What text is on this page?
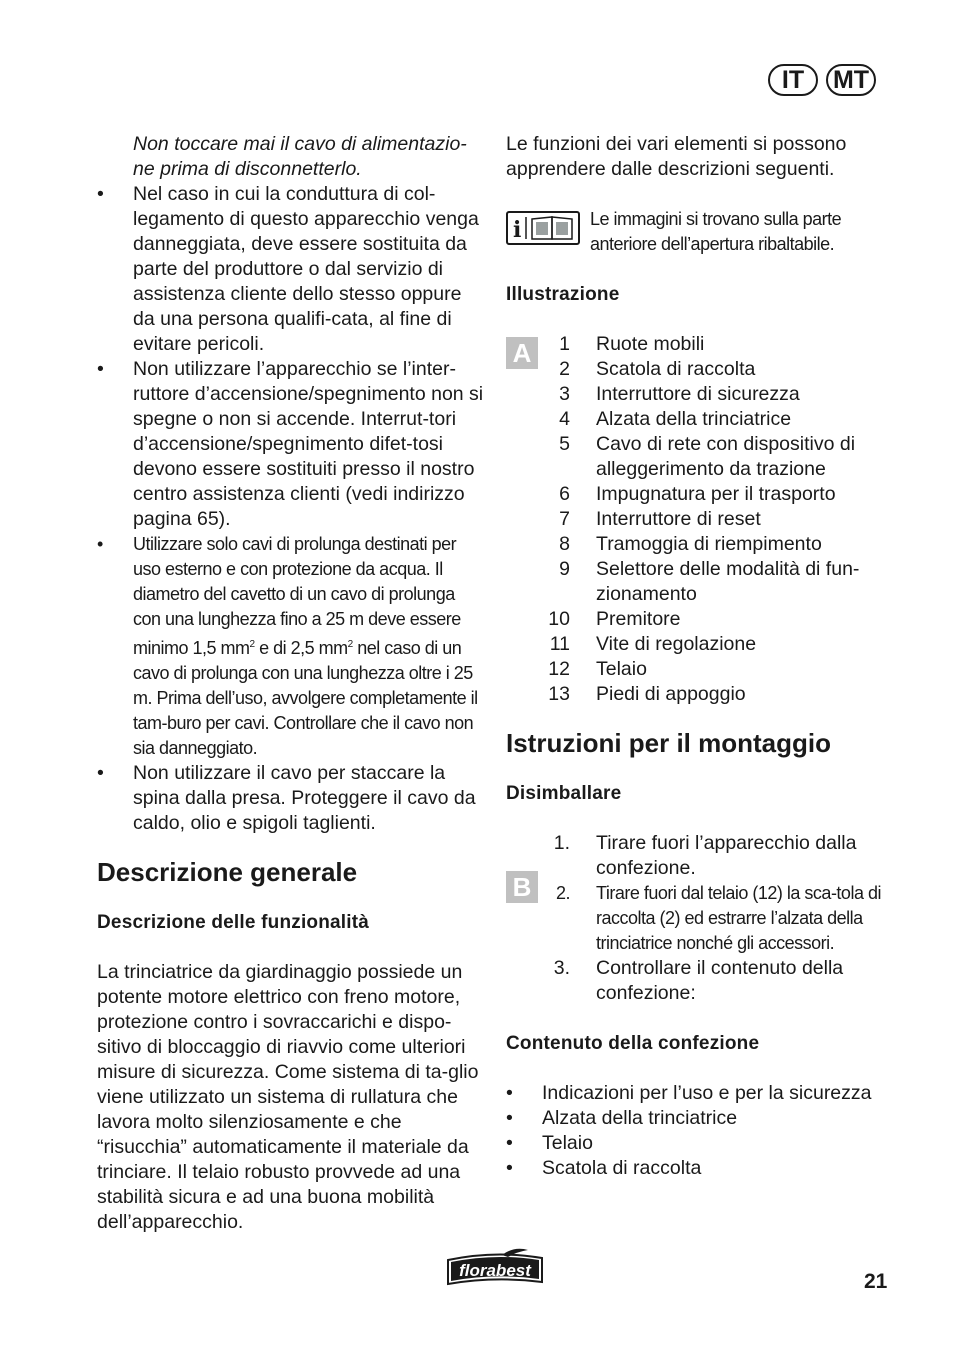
IT	MT

Non toccare mai il cavo di alimentazio-ne prima di disconnetterlo.

• Nel caso in cui la conduttura di col-legamento di questo apparecchio venga danneggiata, deve essere sostituita da parte del produttore o dal servizio di assistenza cliente dello stesso oppure da una persona qualifi-cata, al fine di evitare pericoli.
• Non utilizzare l’apparecchio se l’inter-ruttore d’accensione/spegnimento non si spegne o non si accende. Interrut-tori d’accensione/spegnimento difet-tosi devono essere sostituiti presso il nostro centro assistenza clienti (vedi indirizzo pagina 65).
• Utilizzare solo cavi di prolunga destinati per uso esterno e con protezione da acqua. Il diametro del cavetto di un cavo di prolunga con una lunghezza fino a 25 m deve essere minimo 1,5 $mm^2$ e di 2,5 $mm^2$ nel caso di un cavo di prolunga con una lunghezza oltre i 25 m. Prima dell’uso, avvolgere completamente il tam-buro per cavi. Controllare che il cavo non sia danneggiato.
• Non utilizzare il cavo per staccare la spina dalla presa. Proteggere il cavo da caldo, olio e spigoli taglienti.
Descrizione generale
Descrizione delle funzionalità

La trinciatrice da giardinaggio possiede un potente motore elettrico con freno motore, protezione contro i sovraccarichi e dispo-sitivo di bloccaggio di riavvio come ulteriori misure di sicurezza. Come sistema di ta-glio viene utilizzato un sistema di rullatura che lavora molto silenziosamente e che “risucchia” automaticamente il materiale da trinciare. Il telaio robusto provvede ad una stabilità sicura e ad una buona mobilità dell’apparecchio.

Le funzioni dei vari elementi si possono apprendere dalle descrizioni seguenti.

i	Le immagini si trovano sulla parte anteriore dell’apertura ribaltabile.

Illustrazione
A	1 Ruote mobili
2 Scatola di raccolta
3 Interruttore di sicurezza
4 Alzata della trinciatrice
5 Cavo di rete con dispositivo di alleggerimento da trazione
6 Impugnatura per il trasporto
7 Interruttore di reset
8 Tramoggia di riempimento
9 Selettore delle modalità di fun-zionamento
10 Premitore
11 Vite di regolazione
12 Telaio
13 Piedi di appoggio
Istruzioni per il montaggio
Disimballare
B
1. Tirare fuori l’apparecchio dalla confezione.
2. Tirare fuori dal telaio (12) la sca-tola di raccolta (2) ed estrarre l’alzata della trinciatrice nonché gli accessori.
3. Controllare il contenuto della confezione:
Contenuto della confezione
• Indicazioni per l’uso e per la sicurezza
• Alzata della trinciatrice
• Telaio
• Scatola di raccolta
florabest	21
